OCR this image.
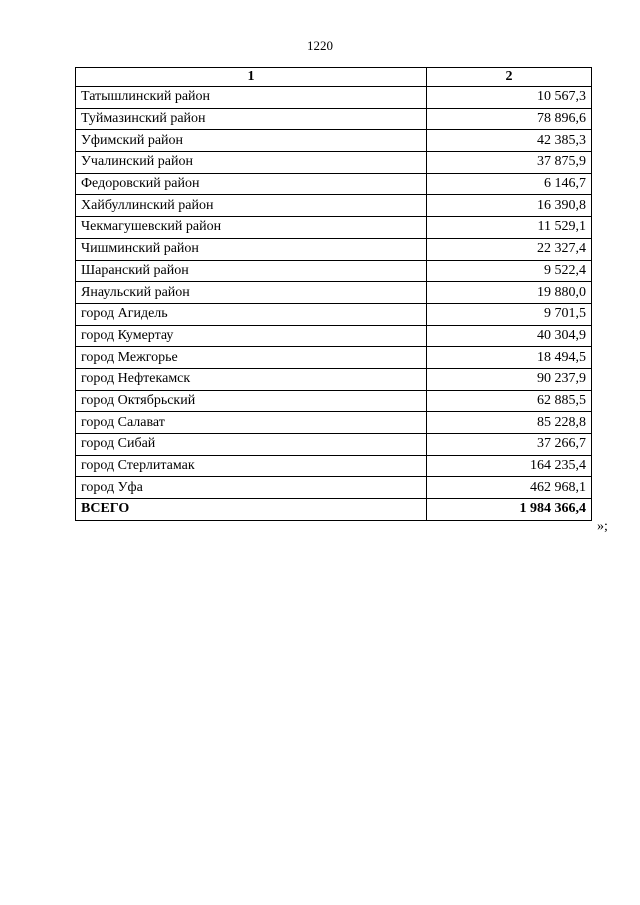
1220
1	2
Татышлинский район	10 567,3
Туймазинский район	78 896,6
Уфимский район	42 385,3
Учалинский район	37 875,9
Федоровский район	6 146,7
Хайбуллинский район	16 390,8
Чекмагушевский район	11 529,1
Чишминский район	22 327,4
Шаранский район	9 522,4
Янаульский район	19 880,0
город Агидель	9 701,5
город Кумертау	40 304,9
город Межгорье	18 494,5
город Нефтекамск	90 237,9
город Октябрьский	62 885,5
город Салават	85 228,8
город Сибай	37 266,7
город Стерлитамак	164 235,4
город Уфа	462 968,1
ВСЕГО	1 984 366,4
»;
